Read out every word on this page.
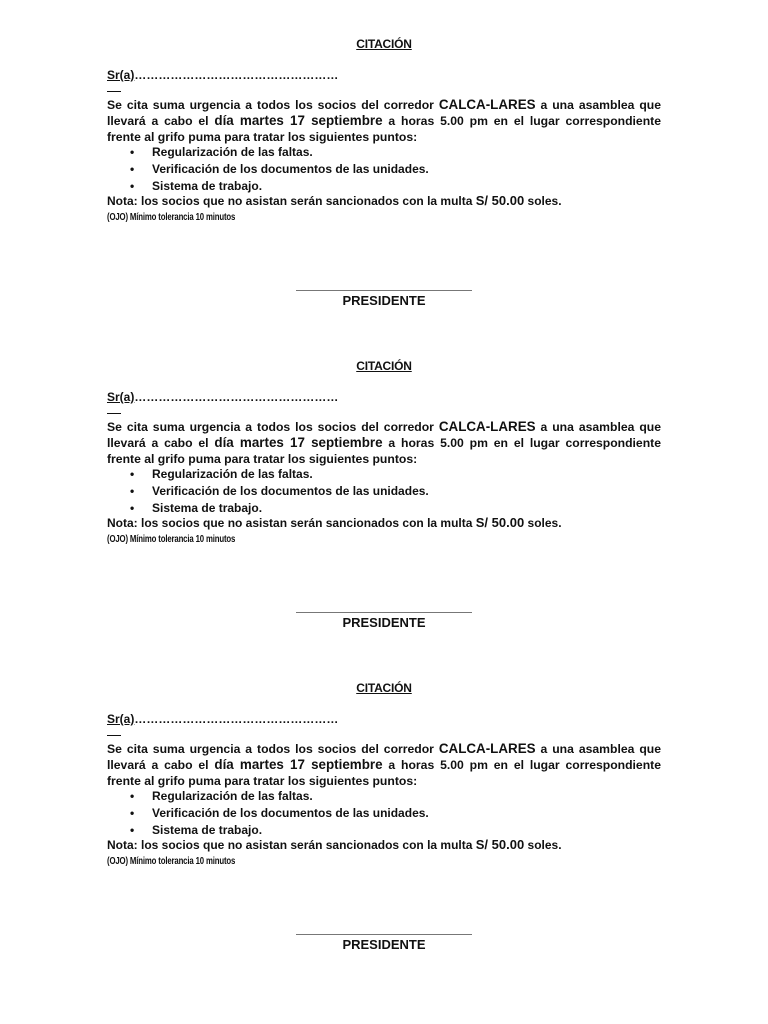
CITACIÓN
Sr(a)……………………………………………
Se cita suma urgencia a todos los socios del corredor CALCA-LARES a una asamblea que llevará a cabo el día martes 17 septiembre a horas 5.00 pm en el lugar correspondiente frente al grifo puma para tratar los siguientes puntos:
• Regularización de las faltas.
• Verificación de los documentos de las unidades.
• Sistema de trabajo.
Nota: los socios que no asistan serán sancionados con la multa S/ 50.00 soles.
(OJO) Mínimo tolerancia 10 minutos
PRESIDENTE
CITACIÓN
Sr(a)……………………………………………
Se cita suma urgencia a todos los socios del corredor CALCA-LARES a una asamblea que llevará a cabo el día martes 17 septiembre a horas 5.00 pm en el lugar correspondiente frente al grifo puma para tratar los siguientes puntos:
• Regularización de las faltas.
• Verificación de los documentos de las unidades.
• Sistema de trabajo.
Nota: los socios que no asistan serán sancionados con la multa S/ 50.00 soles.
(OJO) Mínimo tolerancia 10 minutos
PRESIDENTE
CITACIÓN
Sr(a)……………………………………………
Se cita suma urgencia a todos los socios del corredor CALCA-LARES a una asamblea que llevará a cabo el día martes 17 septiembre a horas 5.00 pm en el lugar correspondiente frente al grifo puma para tratar los siguientes puntos:
• Regularización de las faltas.
• Verificación de los documentos de las unidades.
• Sistema de trabajo.
Nota: los socios que no asistan serán sancionados con la multa S/ 50.00 soles.
(OJO) Mínimo tolerancia 10 minutos
PRESIDENTE
